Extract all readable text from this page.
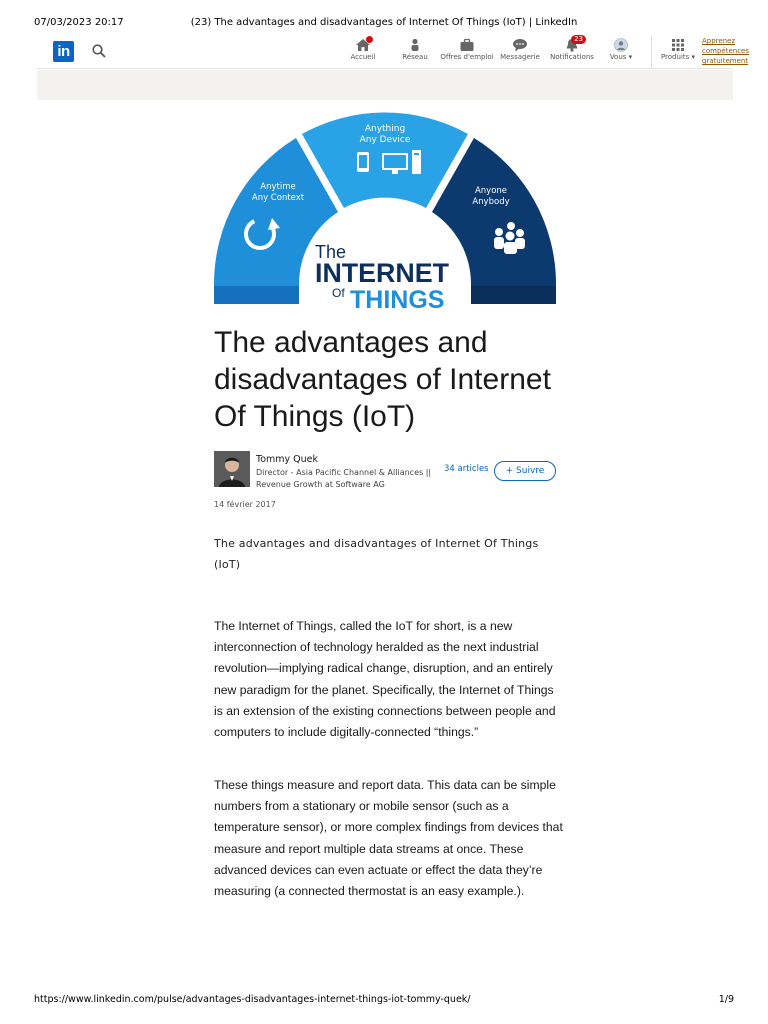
07/03/2023 20:17	(23) The advantages and disadvantages of Internet Of Things (IoT) | LinkedIn
in	Accueil	Réseau	Offres d'emploi Messagerie
23
Notifications	Vous ▾	Produits ▾
Apprenez compétences gratuitement
Anything
Any Device
Anytime
Any Context
Anyone
Anybody
The
INTERNET
Of THINGS
The advantages and disadvantages of Internet Of Things (IoT)
Tommy Quek
Director - Asia Pacific Channel & Alliances || Revenue Growth at Software AG
34 articles	+ Suivre
14 février 2017
The advantages and disadvantages of Internet Of Things (IoT)
The Internet of Things, called the IoT for short, is a new interconnection of technology heralded as the next industrial revolution—implying radical change, disruption, and an entirely new paradigm for the planet. Specifically, the Internet of Things is an extension of the existing connections between people and computers to include digitally-connected “things.”
These things measure and report data. This data can be simple numbers from a stationary or mobile sensor (such as a temperature sensor), or more complex findings from devices that measure and report multiple data streams at once. These advanced devices can even actuate or effect the data they’re measuring (a connected thermostat is an easy example.).
https://www.linkedin.com/pulse/advantages-disadvantages-internet-things-iot-tommy-quek/	1/9
